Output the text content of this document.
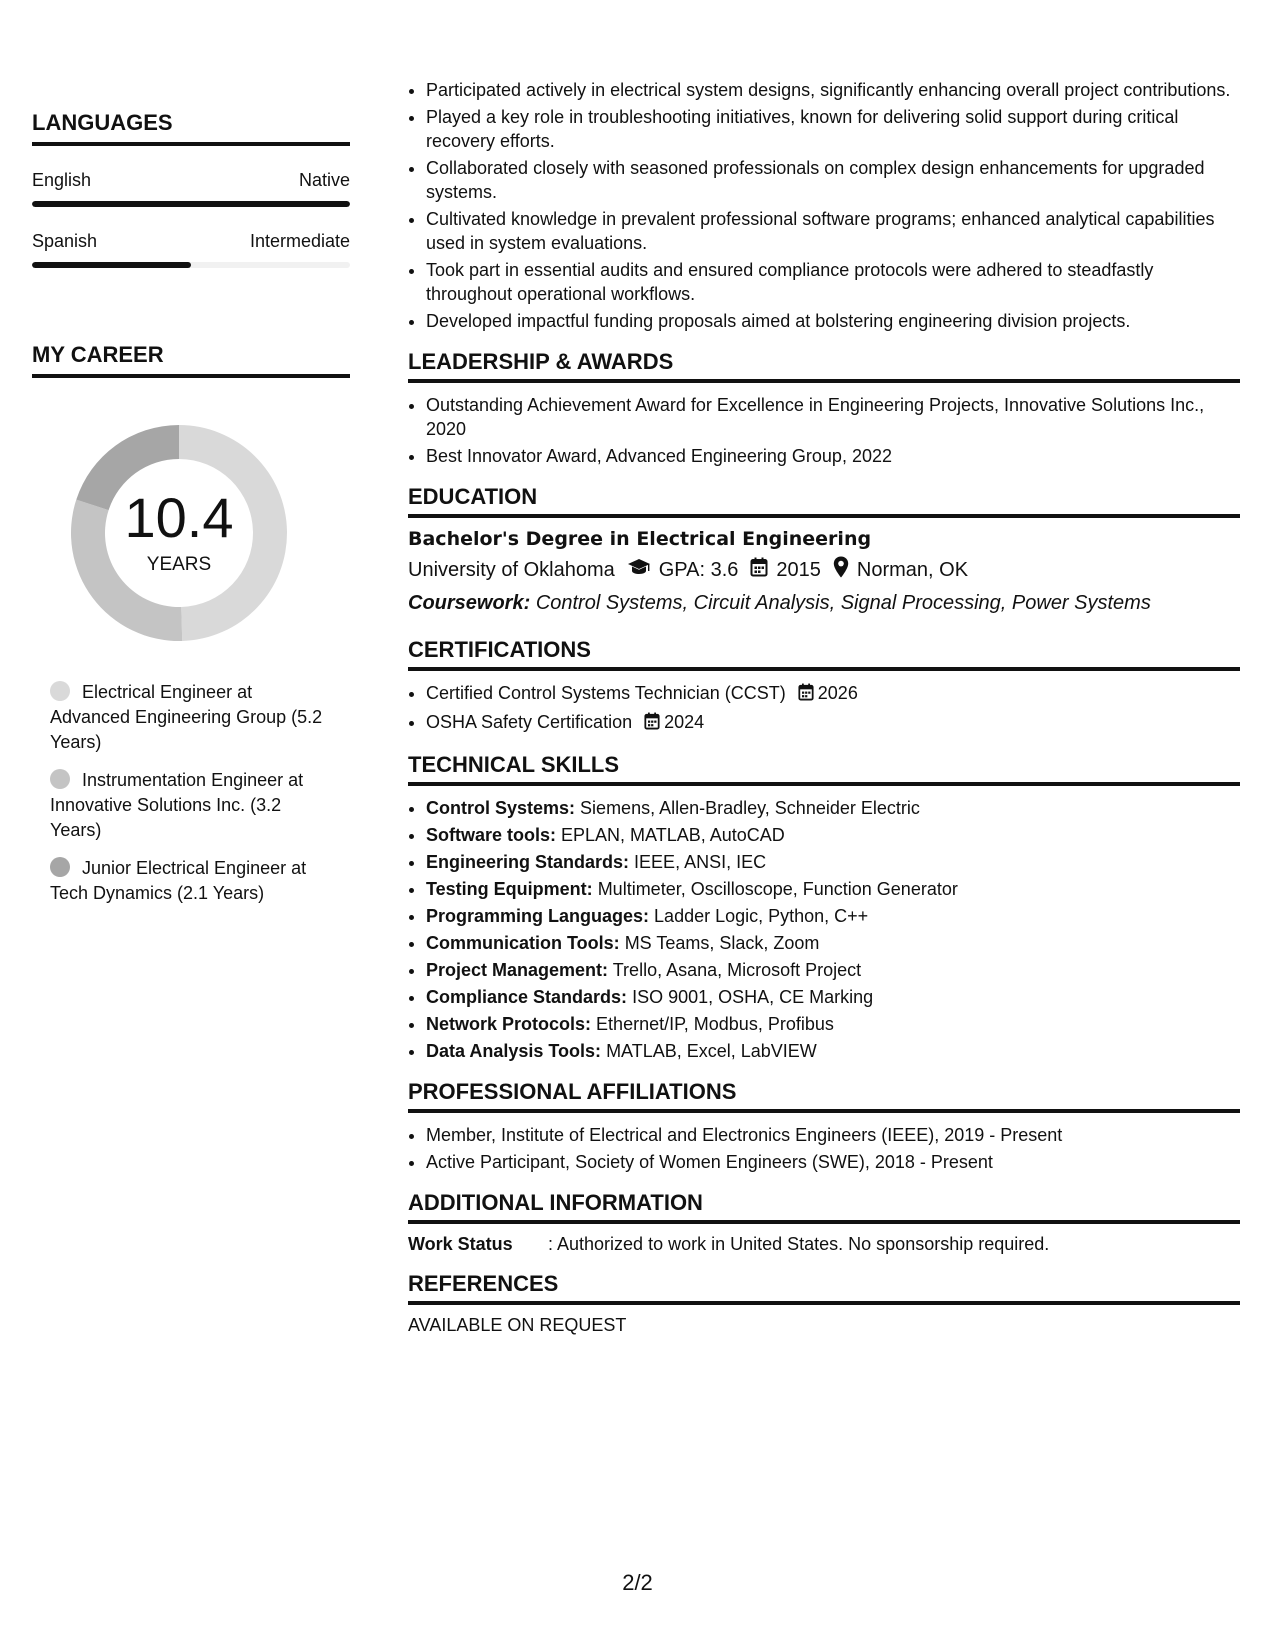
LANGUAGES
English	Native
Spanish	Intermediate
MY CAREER
10.4
YEARS
Electrical Engineer at Advanced Engineering Group (5.2 Years)
Instrumentation Engineer at Innovative Solutions Inc. (3.2 Years)
Junior Electrical Engineer at Tech Dynamics (2.1 Years)
• Participated actively in electrical system designs, significantly enhancing overall project contributions.
• Played a key role in troubleshooting initiatives, known for delivering solid support during critical recovery efforts.
• Collaborated closely with seasoned professionals on complex design enhancements for upgraded systems.
• Cultivated knowledge in prevalent professional software programs; enhanced analytical capabilities used in system evaluations.
• Took part in essential audits and ensured compliance protocols were adhered to steadfastly throughout operational workflows.
• Developed impactful funding proposals aimed at bolstering engineering division projects.
LEADERSHIP & AWARDS
• Outstanding Achievement Award for Excellence in Engineering Projects, Innovative Solutions Inc., 2020
• Best Innovator Award, Advanced Engineering Group, 2022
EDUCATION
Bachelor's Degree in Electrical Engineering
University of Oklahoma GPA: 3.6 2015 Norman, OK
Coursework: Control Systems, Circuit Analysis, Signal Processing, Power Systems
CERTIFICATIONS
• Certified Control Systems Technician (CCST) 2026
• OSHA Safety Certification 2024
TECHNICAL SKILLS
• Control Systems: Siemens, Allen-Bradley, Schneider Electric
• Software tools: EPLAN, MATLAB, AutoCAD
• Engineering Standards: IEEE, ANSI, IEC
• Testing Equipment: Multimeter, Oscilloscope, Function Generator
• Programming Languages: Ladder Logic, Python, C++
• Communication Tools: MS Teams, Slack, Zoom
• Project Management: Trello, Asana, Microsoft Project
• Compliance Standards: ISO 9001, OSHA, CE Marking
• Network Protocols: Ethernet/IP, Modbus, Profibus
• Data Analysis Tools: MATLAB, Excel, LabVIEW
PROFESSIONAL AFFILIATIONS
• Member, Institute of Electrical and Electronics Engineers (IEEE), 2019 - Present
• Active Participant, Society of Women Engineers (SWE), 2018 - Present
ADDITIONAL INFORMATION
Work Status	: Authorized to work in United States. No sponsorship required.
REFERENCES
AVAILABLE ON REQUEST
2/2
